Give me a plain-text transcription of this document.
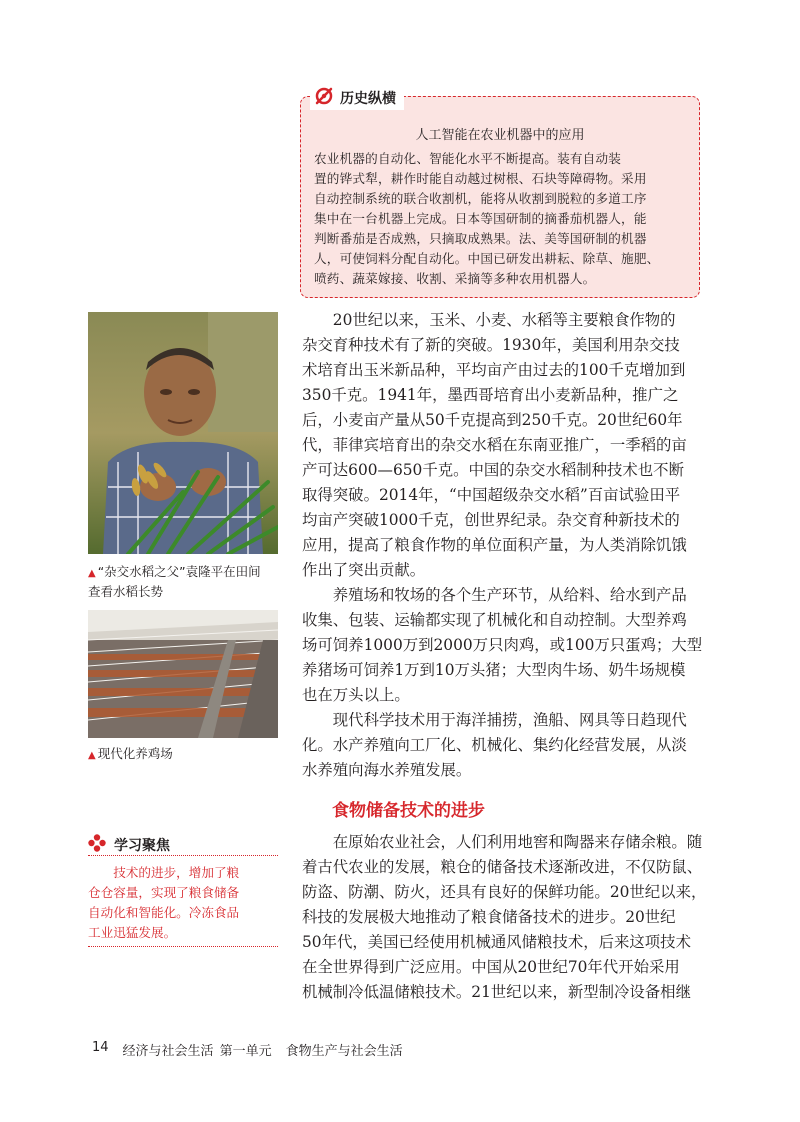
历史纵横
人工智能在农业机器中的应用
农业机器的自动化、智能化水平不断提高。装有自动装
置的铧式犁，耕作时能自动越过树根、石块等障碍物。采用
自动控制系统的联合收割机，能将从收割到脱粒的多道工序
集中在一台机器上完成。日本等国研制的摘番茄机器人，能
判断番茄是否成熟，只摘取成熟果。法、美等国研制的机器
人，可使饲料分配自动化。中国已研发出耕耘、除草、施肥、
喷药、蔬菜嫁接、收割、采摘等多种农用机器人。
▲ “杂交水稻之父”袁隆平在田间
查看水稻长势
▲ 现代化养鸡场
　　20世纪以来，玉米、小麦、水稻等主要粮食作物的
杂交育种技术有了新的突破。1930年，美国利用杂交技
术培育出玉米新品种，平均亩产由过去的100千克增加到
350千克。1941年，墨西哥培育出小麦新品种，推广之
后，小麦亩产量从50千克提高到250千克。20世纪60年
代，菲律宾培育出的杂交水稻在东南亚推广，一季稻的亩
产可达600—650千克。中国的杂交水稻制种技术也不断
取得突破。2014年，“中国超级杂交水稻”百亩试验田平
均亩产突破1000千克，创世界纪录。杂交育种新技术的
应用，提高了粮食作物的单位面积产量，为人类消除饥饿
作出了突出贡献。
　　养殖场和牧场的各个生产环节，从给料、给水到产品
收集、包装、运输都实现了机械化和自动控制。大型养鸡
场可饲养1000万到2000万只肉鸡，或100万只蛋鸡；大型
养猪场可饲养1万到10万头猪；大型肉牛场、奶牛场规模
也在万头以上。
　　现代科学技术用于海洋捕捞，渔船、网具等日趋现代
化。水产养殖向工厂化、机械化、集约化经营发展，从淡
水养殖向海水养殖发展。
食物储备技术的进步
　　在原始农业社会，人们利用地窖和陶器来存储余粮。随
着古代农业的发展，粮仓的储备技术逐渐改进，不仅防鼠、
防盗、防潮、防火，还具有良好的保鲜功能。20世纪以来，
科技的发展极大地推动了粮食储备技术的进步。20世纪
50年代，美国已经使用机械通风储粮技术，后来这项技术
在全世界得到广泛应用。中国从20世纪70年代开始采用
机械制冷低温储粮技术。21世纪以来，新型制冷设备相继
学习聚焦
　　技术的进步，增加了粮
仓仓容量，实现了粮食储备
自动化和智能化。冷冻食品
工业迅猛发展。
14 经济与社会生活 第一单元 食物生产与社会生活
